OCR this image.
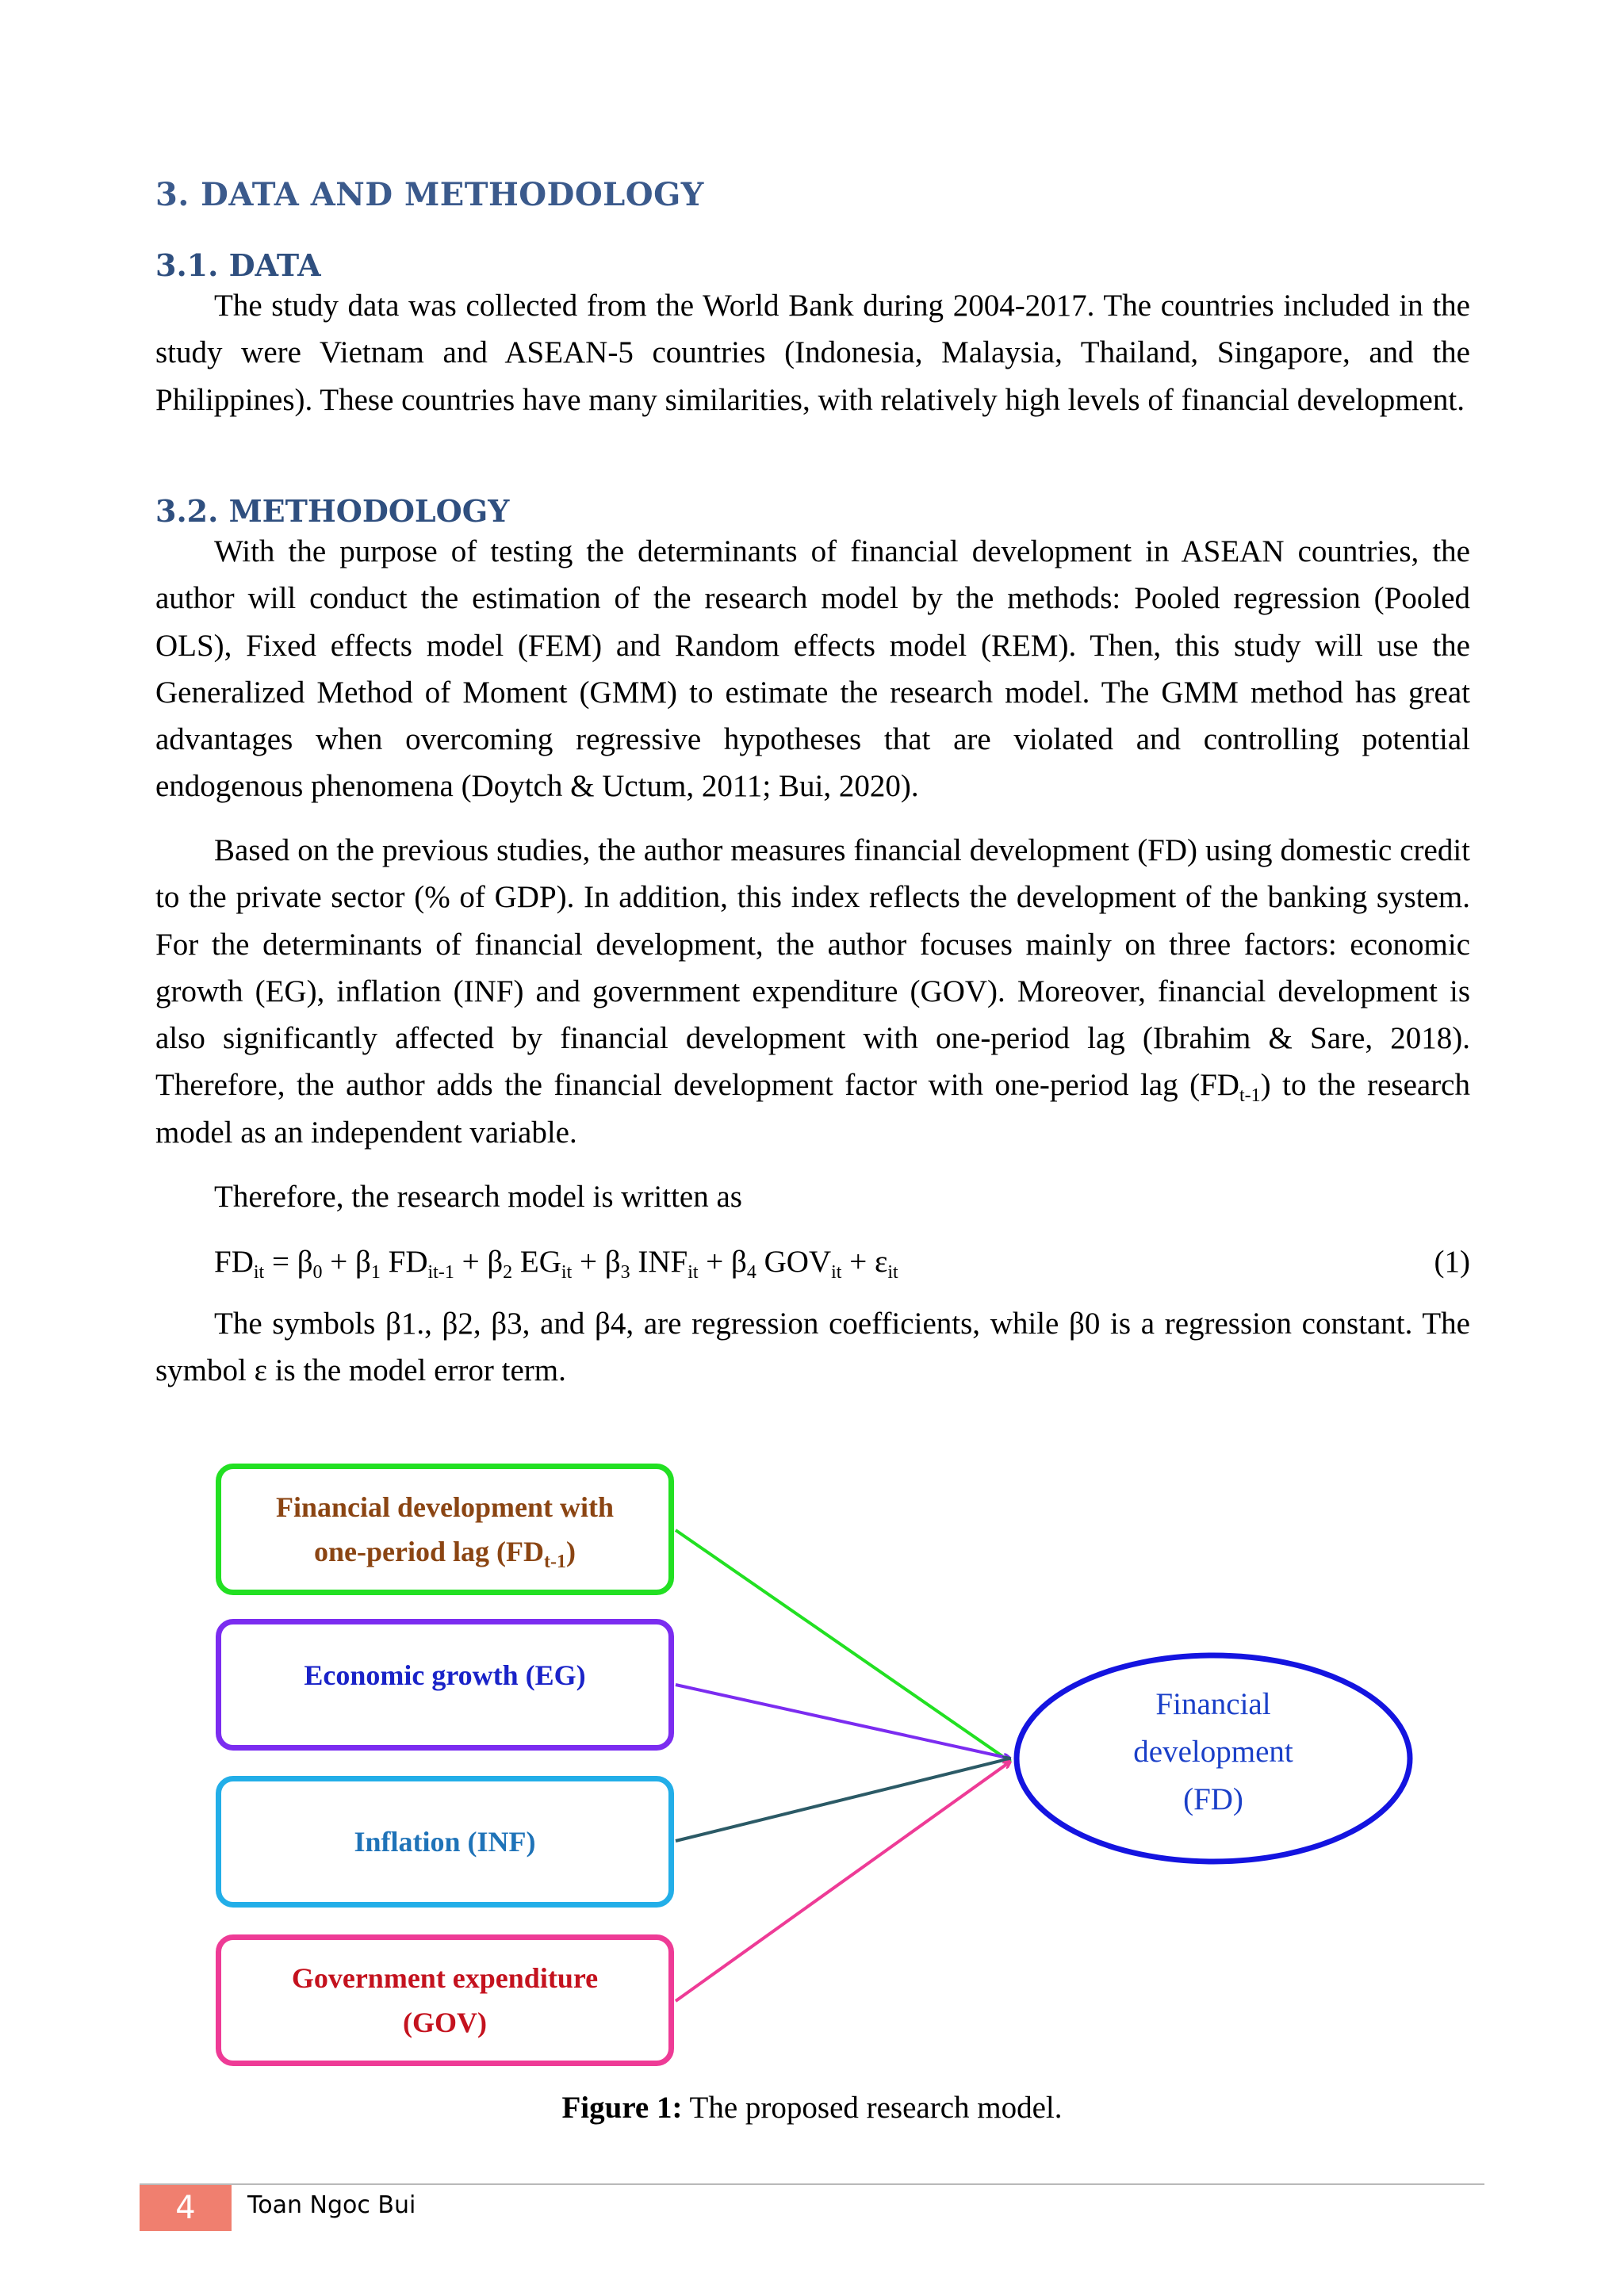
3. DATA AND METHODOLOGY
3.1. DATA

The study data was collected from the World Bank during 2004-2017. The countries included in the study were Vietnam and ASEAN-5 countries (Indonesia, Malaysia, Thailand, Singapore, and the Philippines). These countries have many similarities, with relatively high levels of financial development.

3.2. METHODOLOGY

With the purpose of testing the determinants of financial development in ASEAN countries, the author will conduct the estimation of the research model by the methods: Pooled regression (Pooled OLS), Fixed effects model (FEM) and Random effects model (REM). Then, this study will use the Generalized Method of Moment (GMM) to estimate the research model. The GMM method has great advantages when overcoming regressive hypotheses that are violated and controlling potential endogenous phenomena (Doytch & Uctum, 2011; Bui, 2020).

Based on the previous studies, the author measures financial development (FD) using domestic credit to the private sector (% of GDP). In addition, this index reflects the development of the banking system. For the determinants of financial development, the author focuses mainly on three factors: economic growth (EG), inflation (INF) and government expenditure (GOV). Moreover, financial development is also significantly affected by financial development with one-period lag (Ibrahim & Sare, 2018). Therefore, the author adds the financial development factor with one-period lag $(FD_{t-1})$ to the research model as an independent variable.

Therefore, the research model is written as

$FD_{it} = \beta_0 + \beta_1$ $FD_{it-1} + \beta_2$ $EG_{it} + \beta_3$ $INF_{it} + \beta_4$ $GOV_{it} + \varepsilon_{it}$	(1)

The symbols β1., β2, β3, and β4, are regression coefficients, while β0 is a regression constant. The symbol ε is the model error term.

Financial development with
one-period lag $(FD_{t-1})$
Economic growth (EG)
Inflation (INF)
Government expenditure
(GOV)
Financial
development
(FD)
Figure 1: The proposed research model.
4	Toan Ngoc Bui
